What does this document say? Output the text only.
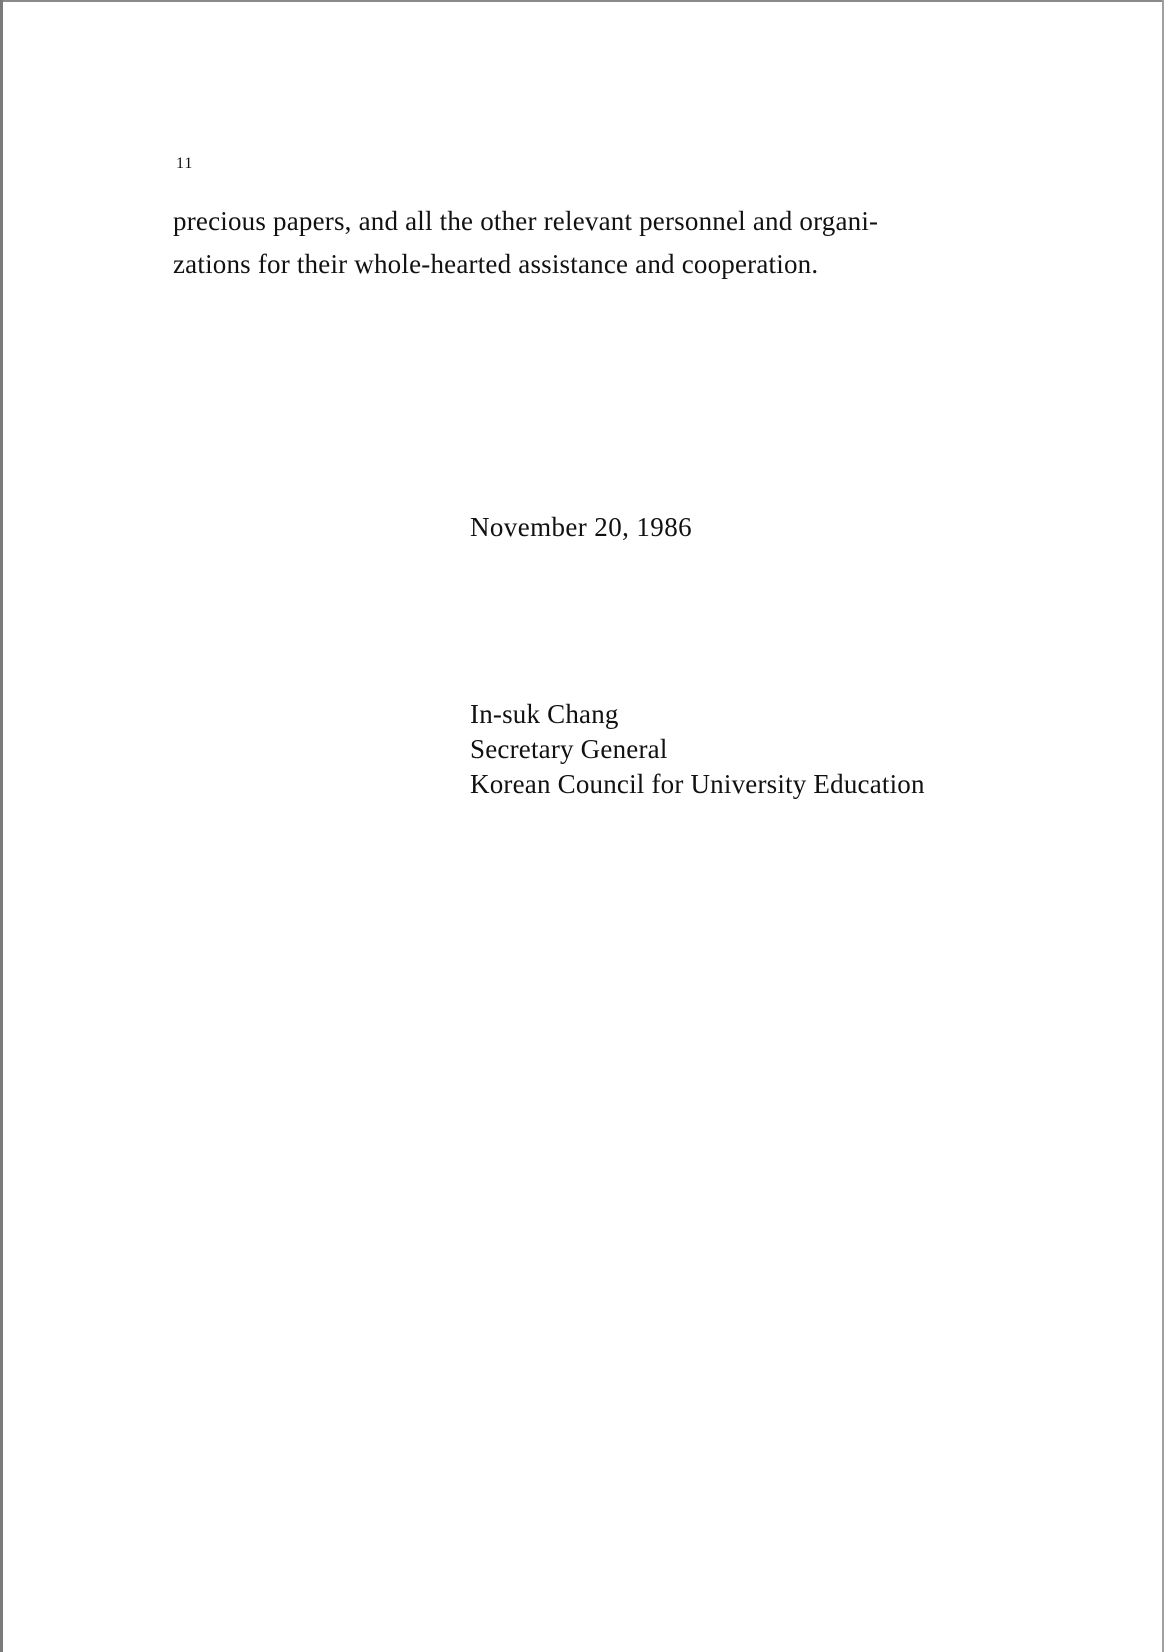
11

precious papers, and all the other relevant personnel and organi-
zations for their whole-hearted assistance and cooperation.

November 20, 1986
In-suk Chang
Secretary General
Korean Council for University Education
